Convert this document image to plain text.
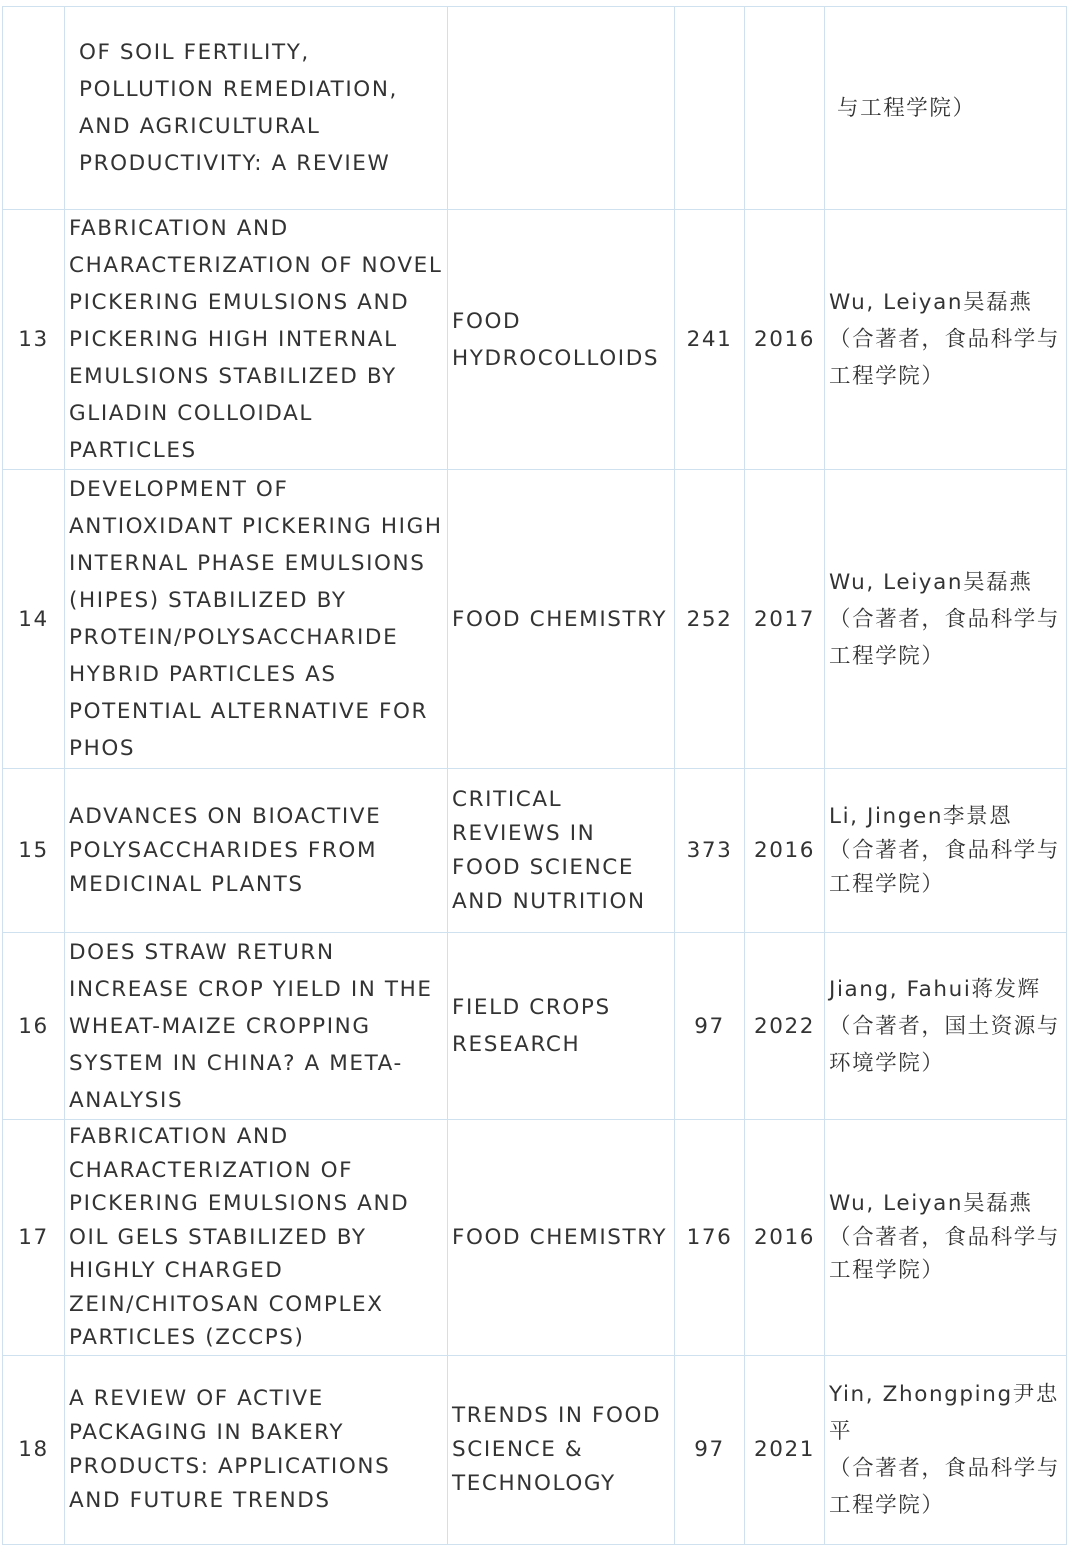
	OF SOIL FERTILITY, POLLUTION REMEDIATION, AND AGRICULTURAL PRODUCTIVITY: A REVIEW				与工程学院）

13	FABRICATION AND CHARACTERIZATION OF NOVEL PICKERING EMULSIONS AND PICKERING HIGH INTERNAL EMULSIONS STABILIZED BY GLIADIN COLLOIDAL PARTICLES	FOOD HYDROCOLLOIDS	241	2016	Wu, Leiyan吴磊燕
（合著者，食品科学与工程学院）

14	DEVELOPMENT OF ANTIOXIDANT PICKERING HIGH INTERNAL PHASE EMULSIONS (HIPES) STABILIZED BY PROTEIN/POLYSACCHARIDE HYBRID PARTICLES AS POTENTIAL ALTERNATIVE FOR PHOS	FOOD CHEMISTRY	252	2017	Wu, Leiyan吴磊燕
（合著者，食品科学与工程学院）

15	ADVANCES ON BIOACTIVE POLYSACCHARIDES FROM MEDICINAL PLANTS	CRITICAL REVIEWS IN FOOD SCIENCE AND NUTRITION	373	2016	Li, Jingen李景恩
（合著者，食品科学与工程学院）

16	DOES STRAW RETURN INCREASE CROP YIELD IN THE WHEAT-MAIZE CROPPING SYSTEM IN CHINA? A META-ANALYSIS	FIELD CROPS RESEARCH	97	2022	Jiang, Fahui蒋发辉
（合著者，国土资源与环境学院）

17	FABRICATION AND CHARACTERIZATION OF PICKERING EMULSIONS AND OIL GELS STABILIZED BY HIGHLY CHARGED ZEIN/CHITOSAN COMPLEX PARTICLES (ZCCPS)	FOOD CHEMISTRY	176	2016	Wu, Leiyan吴磊燕
（合著者，食品科学与工程学院）

18	A REVIEW OF ACTIVE PACKAGING IN BAKERY PRODUCTS: APPLICATIONS AND FUTURE TRENDS	TRENDS IN FOOD SCIENCE & TECHNOLOGY	97	2021	Yin, Zhongping尹忠平
（合著者，食品科学与工程学院）
